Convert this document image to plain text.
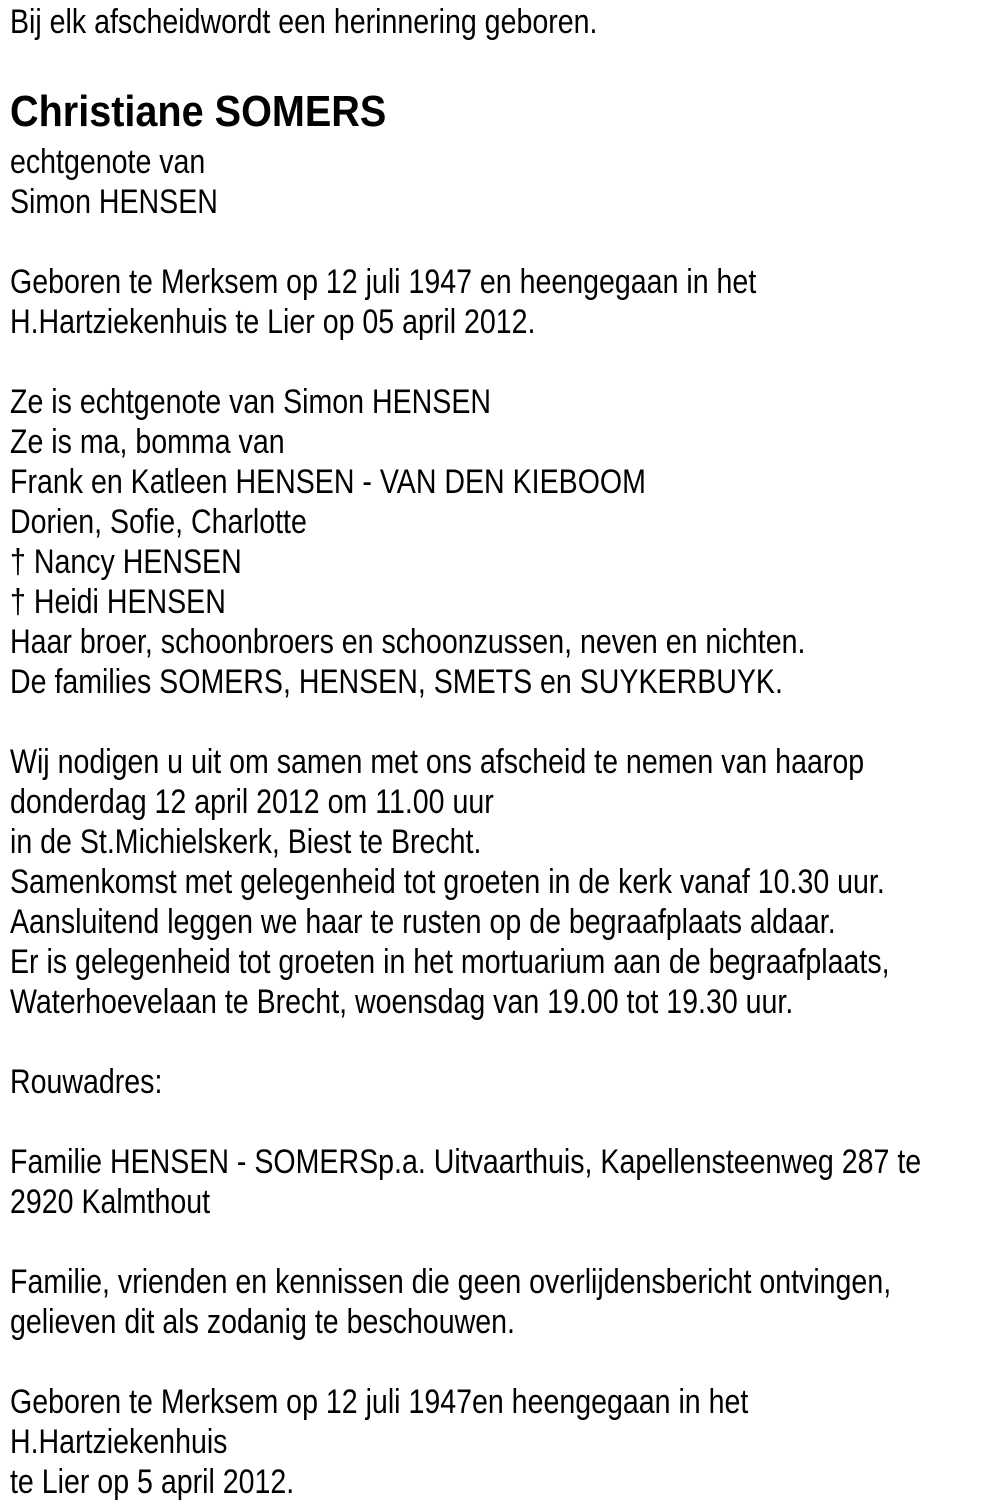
Bij elk afscheidwordt een herinnering geboren.
Christiane SOMERS
echtgenote van
Simon HENSEN
Geboren te Merksem op 12 juli 1947 en heengegaan in het
H.Hartziekenhuis te Lier op 05 april 2012.
Ze is echtgenote van Simon HENSEN
Ze is ma, bomma van
Frank en Katleen HENSEN - VAN DEN KIEBOOM
Dorien, Sofie, Charlotte
† Nancy HENSEN
† Heidi HENSEN
Haar broer, schoonbroers en schoonzussen, neven en nichten.
De families SOMERS, HENSEN, SMETS en SUYKERBUYK.
Wij nodigen u uit om samen met ons afscheid te nemen van haarop
donderdag 12 april 2012 om 11.00 uur
in de St.Michielskerk, Biest te Brecht.
Samenkomst met gelegenheid tot groeten in de kerk vanaf 10.30 uur.
Aansluitend leggen we haar te rusten op de begraafplaats aldaar.
Er is gelegenheid tot groeten in het mortuarium aan de begraafplaats,
Waterhoevelaan te Brecht, woensdag van 19.00 tot 19.30 uur.
Rouwadres:
Familie HENSEN - SOMERSp.a. Uitvaarthuis, Kapellensteenweg 287 te
2920 Kalmthout
Familie, vrienden en kennissen die geen overlijdensbericht ontvingen,
gelieven dit als zodanig te beschouwen.
Geboren te Merksem op 12 juli 1947en heengegaan in het
H.Hartziekenhuis
te Lier op 5 april 2012.
